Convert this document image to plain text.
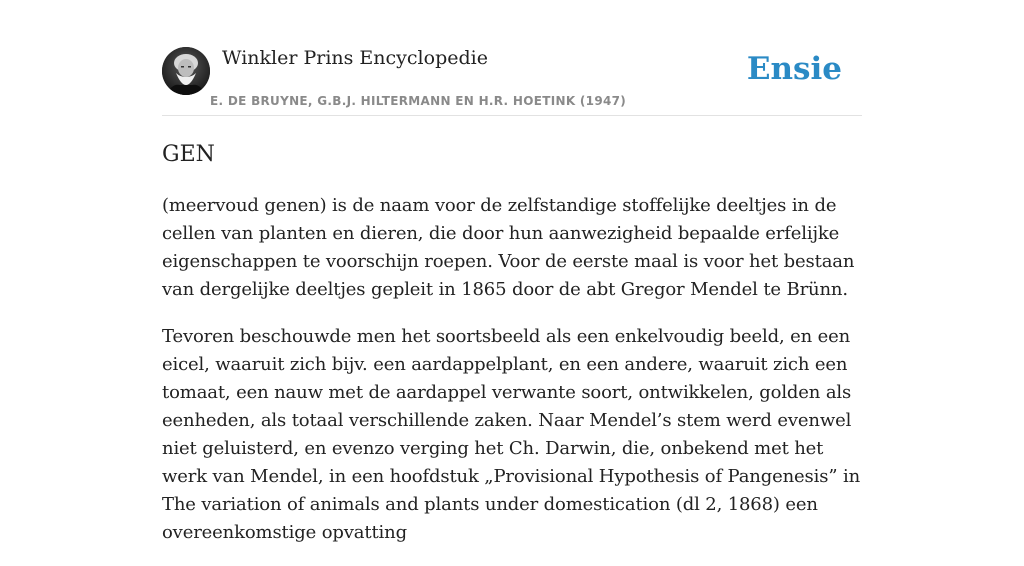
Winkler Prins Encyclopedie
E. DE BRUYNE, G.B.J. HILTERMANN EN H.R. HOETINK (1947)
Ensie
GEN

(meervoud genen) is de naam voor de zelfstandige stoffelijke deeltjes in de cellen van planten en dieren, die door hun aanwezigheid bepaalde erfelijke eigenschappen te voorschijn roepen. Voor de eerste maal is voor het bestaan van dergelijke deeltjes gepleit in 1865 door de abt Gregor Mendel te Brünn.

Tevoren beschouwde men het soortsbeeld als een enkelvoudig beeld, en een eicel, waaruit zich bijv. een aardappelplant, en een andere, waaruit zich een tomaat, een nauw met de aardappel verwante soort, ontwikkelen, golden als eenheden, als totaal verschillende zaken. Naar Mendel’s stem werd evenwel niet geluisterd, en evenzo verging het Ch. Darwin, die, onbekend met het werk van Mendel, in een hoofdstuk „Provisional Hypothesis of Pangenesis” in The variation of animals and plants under domestication (dl 2, 1868) een overeenkomstige opvatting
